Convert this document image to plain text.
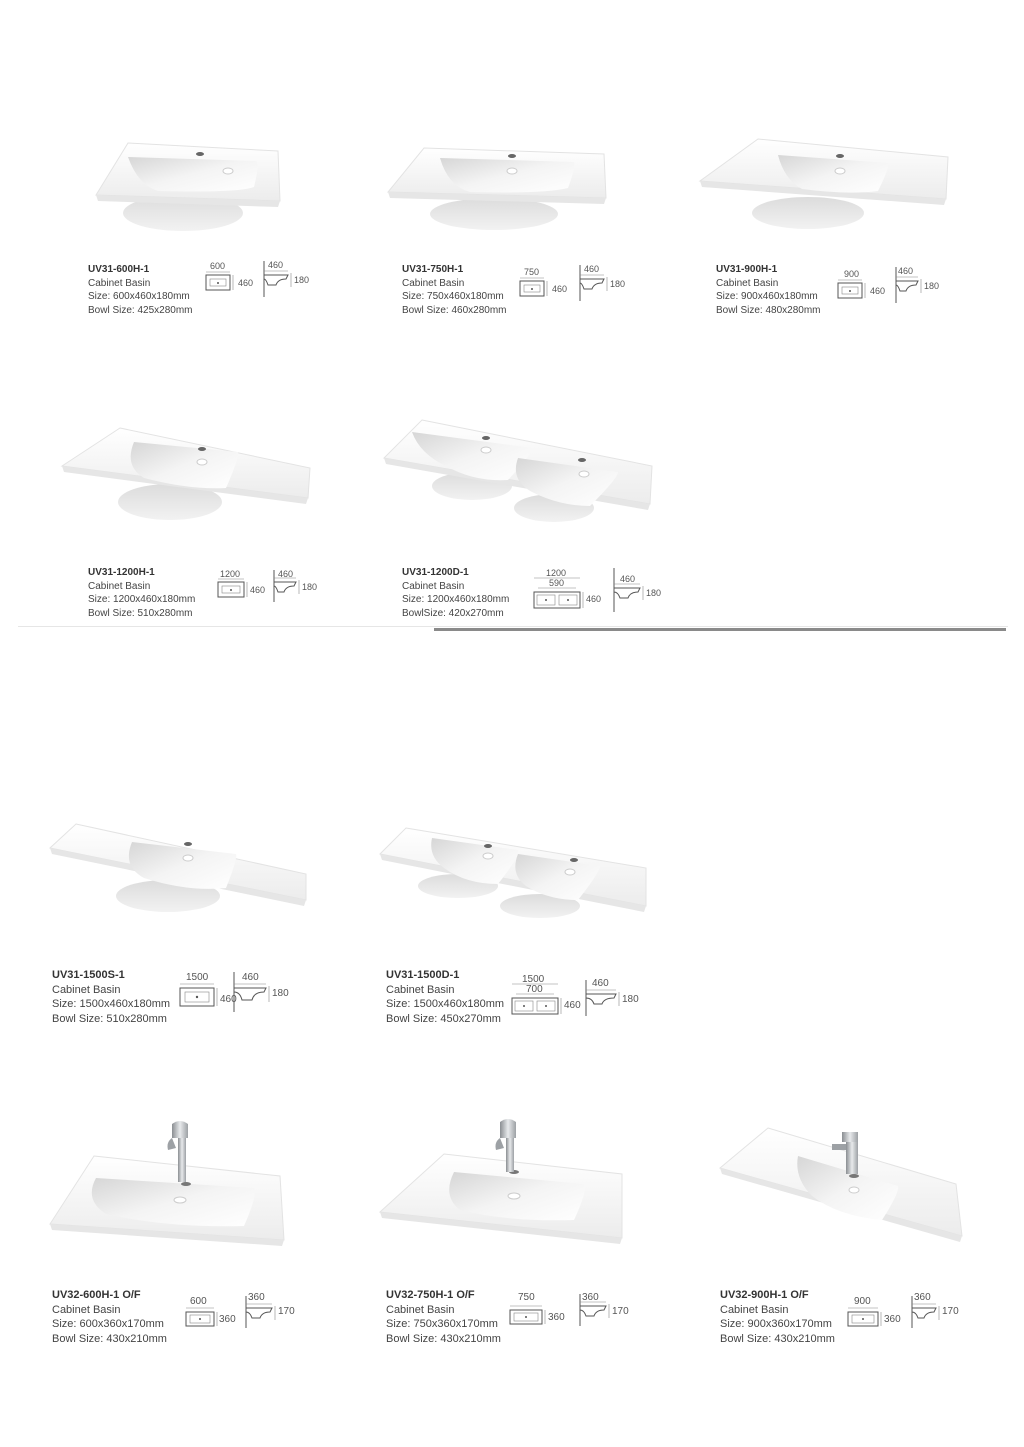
UV31-600H-1
Cabinet Basin
Size: 600x460x180mm
Bowl Size: 425x280mm
600
460
460
180
UV31-750H-1
Cabinet Basin
Size: 750x460x180mm
Bowl Size: 460x280mm
750
460
460
180
UV31-900H-1
Cabinet Basin
Size: 900x460x180mm
Bowl Size: 480x280mm
900
460
460
180
UV31-1200H-1
Cabinet Basin
Size: 1200x460x180mm
Bowl Size: 510x280mm
1200
460
460
180
UV31-1200D-1
Cabinet Basin
Size: 1200x460x180mm
BowlSize: 420x270mm
1200
590
460
460
180
UV31-1500S-1
Cabinet Basin
Size: 1500x460x180mm
Bowl Size: 510x280mm
1500
460
460
180
UV31-1500D-1
Cabinet Basin
Size: 1500x460x180mm
Bowl Size: 450x270mm
1500
700
460
460
180
UV32-600H-1 O/F
Cabinet Basin
Size: 600x360x170mm
Bowl Size: 430x210mm
600
360
360
170
UV32-750H-1 O/F
Cabinet Basin
Size: 750x360x170mm
Bowl Size: 430x210mm
750
360
360
170
UV32-900H-1 O/F
Cabinet Basin
Size: 900x360x170mm
Bowl Size: 430x210mm
900
360
360
170
